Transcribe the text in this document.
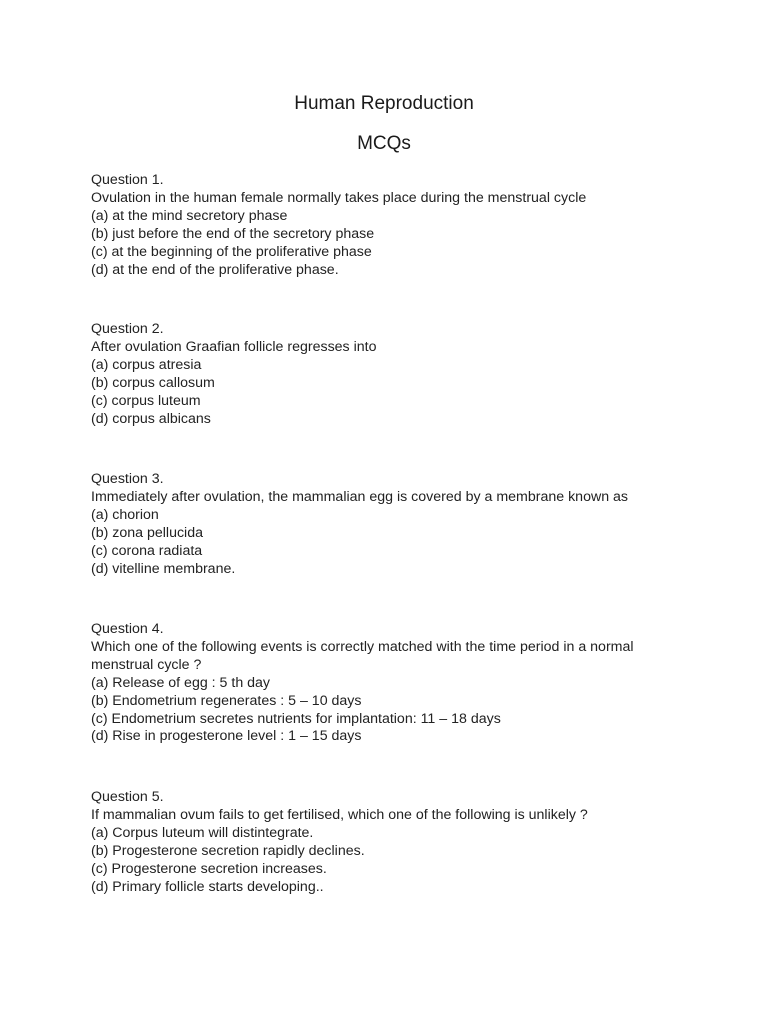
Human Reproduction
MCQs
Question 1.
Ovulation in the human female normally takes place during the menstrual cycle
(a) at the mind secretory phase
(b) just before the end of the secretory phase
(c) at the beginning of the proliferative phase
(d) at the end of the proliferative phase.
Question 2.
After ovulation Graafian follicle regresses into
(a) corpus atresia
(b) corpus callosum
(c) corpus luteum
(d) corpus albicans
Question 3.
Immediately after ovulation, the mammalian egg is covered by a membrane known as
(a) chorion
(b) zona pellucida
(c) corona radiata
(d) vitelline membrane.
Question 4.
Which one of the following events is correctly matched with the time period in a normal menstrual cycle ?
(a) Release of egg : 5 th day
(b) Endometrium regenerates : 5 – 10 days
(c) Endometrium secretes nutrients for implantation: 11 – 18 days
(d) Rise in progesterone level : 1 – 15 days
Question 5.
If mammalian ovum fails to get fertilised, which one of the following is unlikely ?
(a) Corpus luteum will distintegrate.
(b) Progesterone secretion rapidly declines.
(c) Progesterone secretion increases.
(d) Primary follicle starts developing..
